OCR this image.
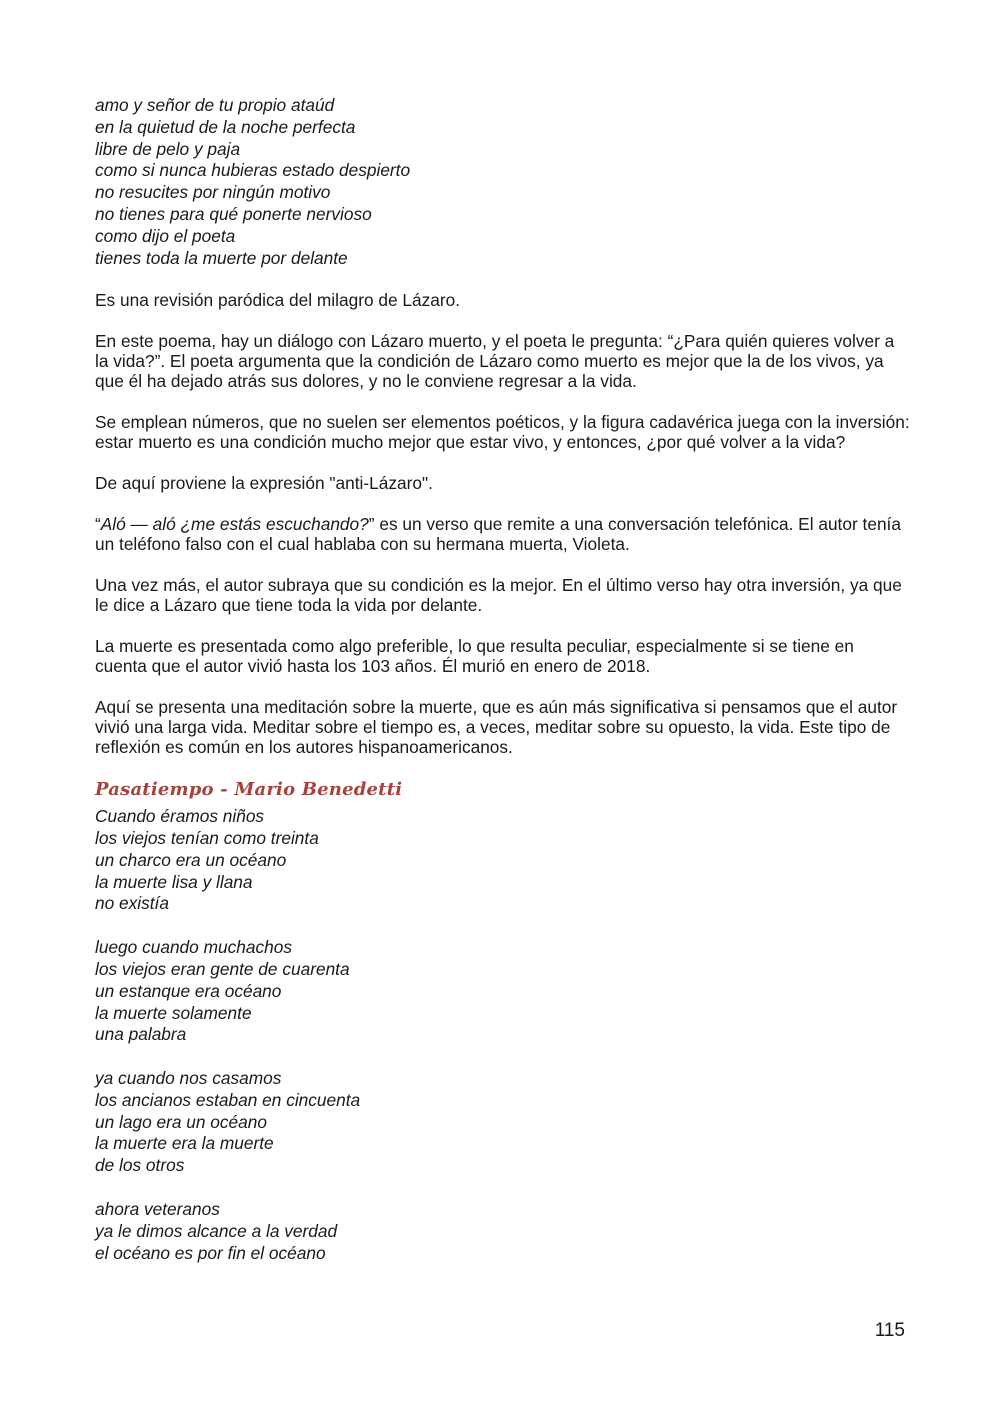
amo y señor de tu propio ataúd
en la quietud de la noche perfecta
libre de pelo y paja
como si nunca hubieras estado despierto
no resucites por ningún motivo
no tienes para qué ponerte nervioso
como dijo el poeta
tienes toda la muerte por delante

Es una revisión paródica del milagro de Lázaro.

En este poema, hay un diálogo con Lázaro muerto, y el poeta le pregunta: “¿Para quién quieres volver a la vida?”. El poeta argumenta que la condición de Lázaro como muerto es mejor que la de los vivos, ya que él ha dejado atrás sus dolores, y no le conviene regresar a la vida.

Se emplean números, que no suelen ser elementos poéticos, y la figura cadavérica juega con la inversión: estar muerto es una condición mucho mejor que estar vivo, y entonces, ¿por qué volver a la vida?

De aquí proviene la expresión "anti-Lázaro".

“Aló — aló ¿me estás escuchando?” es un verso que remite a una conversación telefónica. El autor tenía un teléfono falso con el cual hablaba con su hermana muerta, Violeta.

Una vez más, el autor subraya que su condición es la mejor. En el último verso hay otra inversión, ya que le dice a Lázaro que tiene toda la vida por delante.

La muerte es presentada como algo preferible, lo que resulta peculiar, especialmente si se tiene en cuenta que el autor vivió hasta los 103 años. Él murió en enero de 2018.

Aquí se presenta una meditación sobre la muerte, que es aún más significativa si pensamos que el autor vivió una larga vida. Meditar sobre el tiempo es, a veces, meditar sobre su opuesto, la vida. Este tipo de reflexión es común en los autores hispanoamericanos.

Pasatiempo - Mario Benedetti
Cuando éramos niños
los viejos tenían como treinta
un charco era un océano
la muerte lisa y llana
no existía
luego cuando muchachos
los viejos eran gente de cuarenta
un estanque era océano
la muerte solamente
una palabra
ya cuando nos casamos
los ancianos estaban en cincuenta
un lago era un océano
la muerte era la muerte
de los otros
ahora veteranos
ya le dimos alcance a la verdad
el océano es por fin el océano
115
